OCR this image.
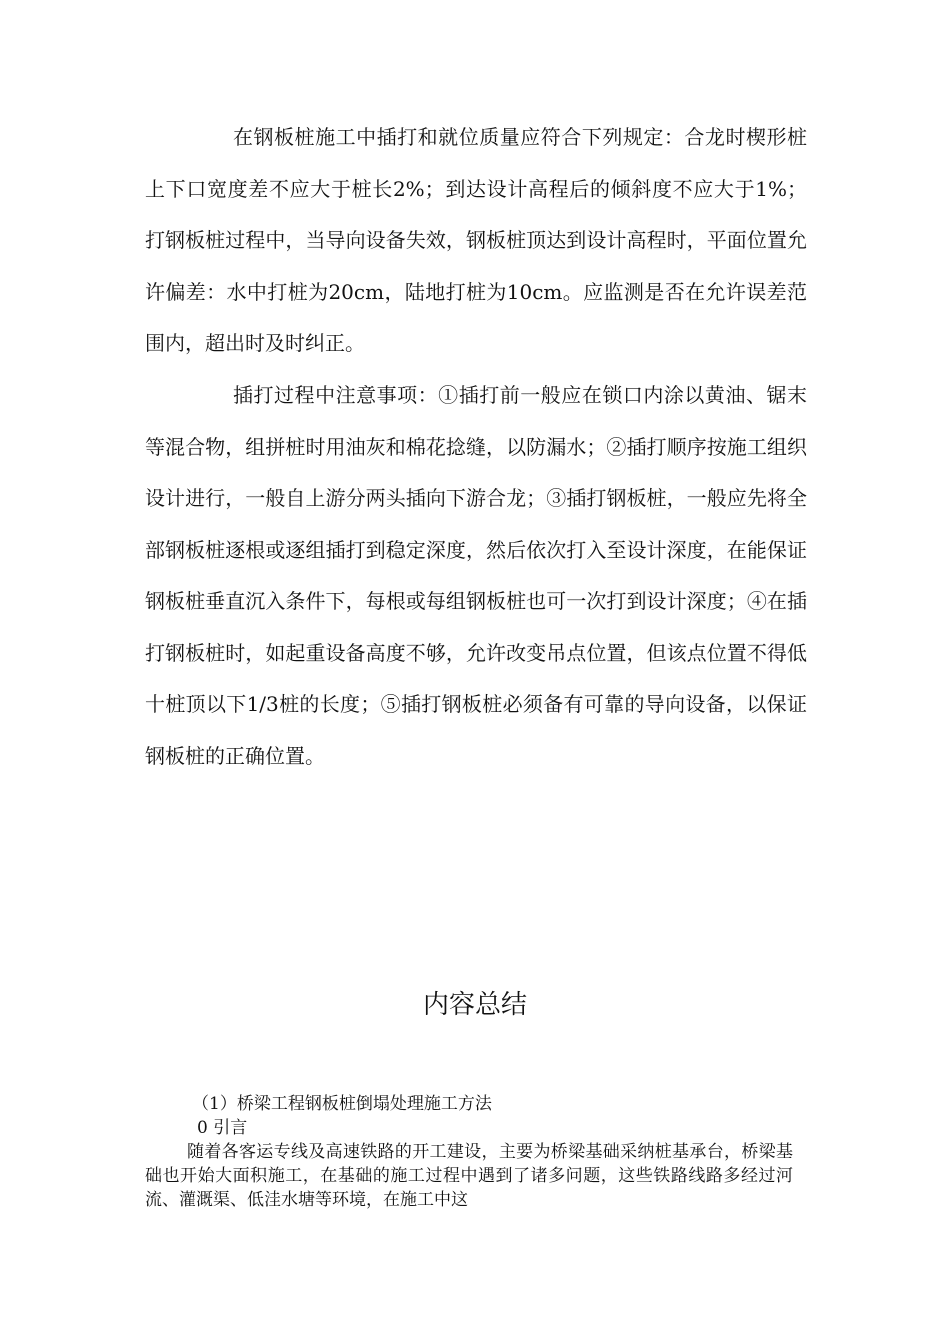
在钢板桩施工中插打和就位质量应符合下列规定：合龙时楔形桩上下口宽度差不应大于桩长2%；到达设计高程后的倾斜度不应大于1%；打钢板桩过程中，当导向设备失效，钢板桩顶达到设计高程时，平面位置允许偏差：水中打桩为20cm，陆地打桩为10cm。应监测是否在允许误差范围内，超出时及时纠正。

插打过程中注意事项：①插打前一般应在锁口内涂以黄油、锯末等混合物，组拼桩时用油灰和棉花捻缝，以防漏水；②插打顺序按施工组织设计进行，一般自上游分两头插向下游合龙；③插打钢板桩，一般应先将全部钢板桩逐根或逐组插打到稳定深度，然后依次打入至设计深度，在能保证钢板桩垂直沉入条件下，每根或每组钢板桩也可一次打到设计深度；④在插打钢板桩时，如起重设备高度不够，允许改变吊点位置，但该点位置不得低十桩顶以下1/3桩的长度；⑤插打钢板桩必须备有可靠的导向设备，以保证钢板桩的正确位置。

内容总结

（1）桥梁工程钢板桩倒塌处理施工方法

0 引言

随着各客运专线及高速铁路的开工建设，主要为桥梁基础采纳桩基承台，桥梁基础也开始大面积施工，在基础的施工过程中遇到了诸多问题，这些铁路线路多经过河流、灌溉渠、低洼水塘等环境，在施工中这
